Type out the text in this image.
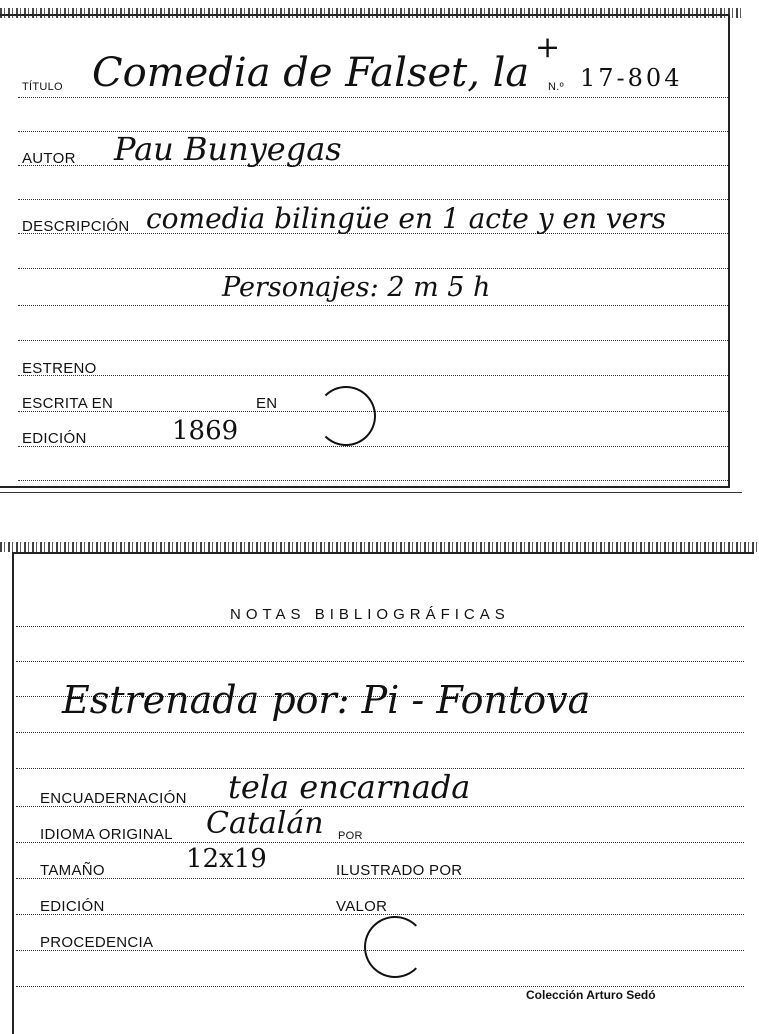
TÍTULO Comedia de Falset, la
+
N.º 17-804
AUTOR Pau Bunyegas
DESCRIPCIÓN comedia bilingüe en 1 acte y en vers
Personajes: 2 m 5 h
ESTRENO
ESCRITA EN	EN
EDICIÓN	1869
NOTAS BIBLIOGRÁFICAS
Estrenada por: Pi - Fontova
ENCUADERNACIÓN tela encarnada
IDIOMA ORIGINAL Catalán POR
TAMAÑO	12x19	ILUSTRADO POR
EDICIÓN	VALOR
PROCEDENCIA
Colección Arturo Sedó
